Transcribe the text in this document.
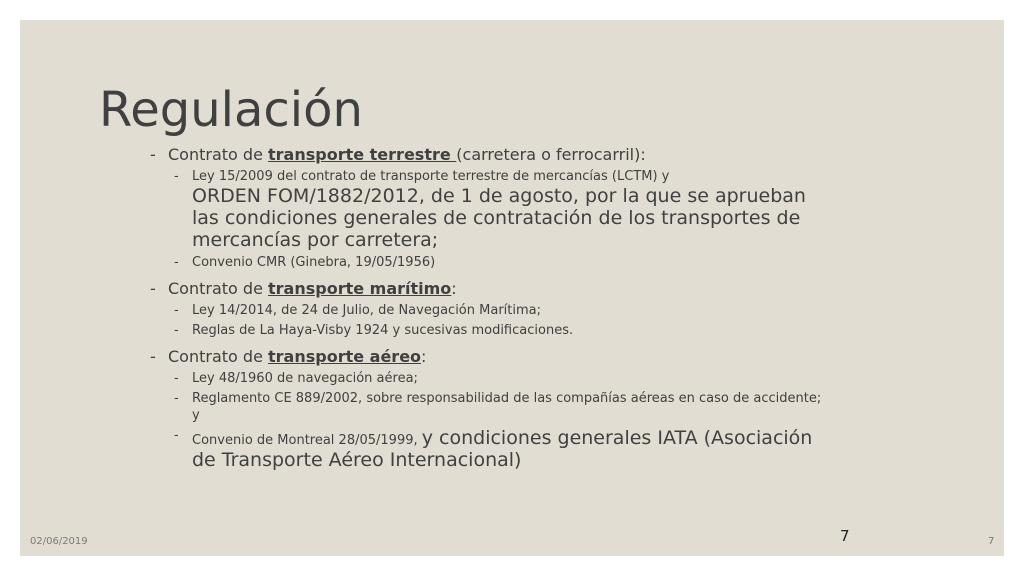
Regulación
- Contrato de transporte terrestre (carretera o ferrocarril):
- Ley 15/2009 del contrato de transporte terrestre de mercancías (LCTM) y
ORDEN FOM/1882/2012, de 1 de agosto, por la que se aprueban las condiciones generales de contratación de los transportes de mercancías por carretera;
- Convenio CMR (Ginebra, 19/05/1956)
- Contrato de transporte marítimo:
- Ley 14/2014, de 24 de Julio, de Navegación Marítima;
- Reglas de La Haya-Visby 1924 y sucesivas modificaciones.
- Contrato de transporte aéreo:
- Ley 48/1960 de navegación aérea;
- Reglamento CE 889/2002, sobre responsabilidad de las compañías aéreas en caso de accidente; y
- Convenio de Montreal 28/05/1999, y condiciones generales IATA (Asociación de Transporte Aéreo Internacional)
7
02/06/2019	7
